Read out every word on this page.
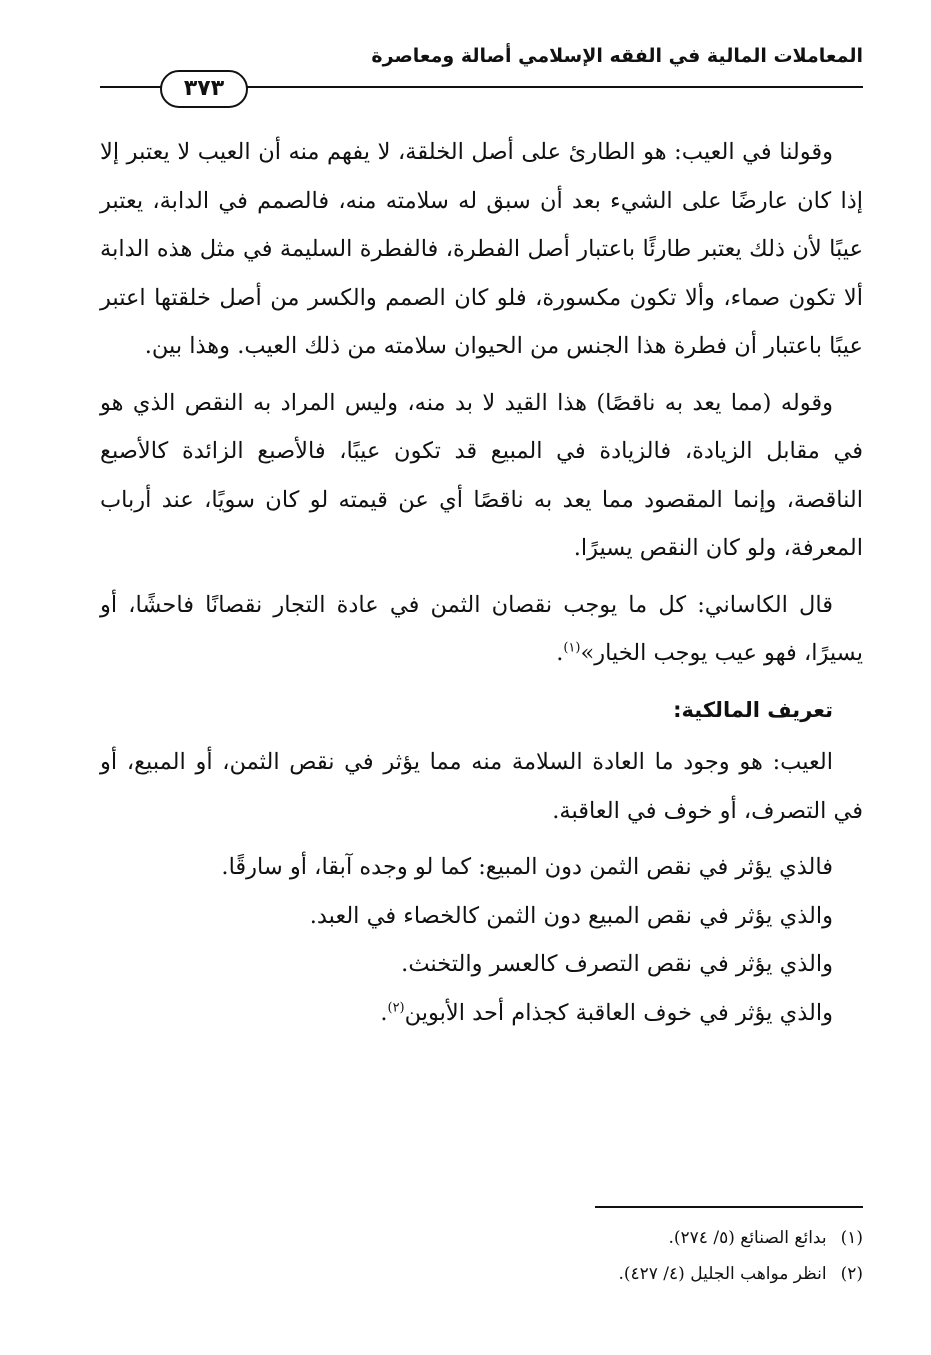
المعاملات المالية في الفقه الإسلامي أصالة ومعاصرة
٣٧٣

وقولنا في العيب: هو الطارئ على أصل الخلقة، لا يفهم منه أن العيب لا يعتبر إلا إذا كان عارضًا على الشيء بعد أن سبق له سلامته منه، فالصمم في الدابة، يعتبر عيبًا لأن ذلك يعتبر طارئًا باعتبار أصل الفطرة، فالفطرة السليمة في مثل هذه الدابة ألا تكون صماء، وألا تكون مكسورة، فلو كان الصمم والكسر من أصل خلقتها اعتبر عيبًا باعتبار أن فطرة هذا الجنس من الحيوان سلامته من ذلك العيب. وهذا بين.

وقوله (مما يعد به ناقصًا) هذا القيد لا بد منه، وليس المراد به النقص الذي هو في مقابل الزيادة، فالزيادة في المبيع قد تكون عيبًا، فالأصبع الزائدة كالأصبع الناقصة، وإنما المقصود مما يعد به ناقصًا أي عن قيمته لو كان سويًا، عند أرباب المعرفة، ولو كان النقص يسيرًا.

قال الكاساني: كل ما يوجب نقصان الثمن في عادة التجار نقصانًا فاحشًا، أو يسيرًا، فهو عيب يوجب الخيار»$^{(١)}$.

تعريف المالكية:

العيب: هو وجود ما العادة السلامة منه مما يؤثر في نقص الثمن، أو المبيع، أو في التصرف، أو خوف في العاقبة.

فالذي يؤثر في نقص الثمن دون المبيع: كما لو وجده آبقا، أو سارقًا.

والذي يؤثر في نقص المبيع دون الثمن كالخصاء في العبد.

والذي يؤثر في نقص التصرف كالعسر والتخنث.

والذي يؤثر في خوف العاقبة كجذام أحد الأبوين$^{(٢)}$.

(١)بدائع الصنائع (٥/ ٢٧٤).

(٢)انظر مواهب الجليل (٤/ ٤٢٧).
